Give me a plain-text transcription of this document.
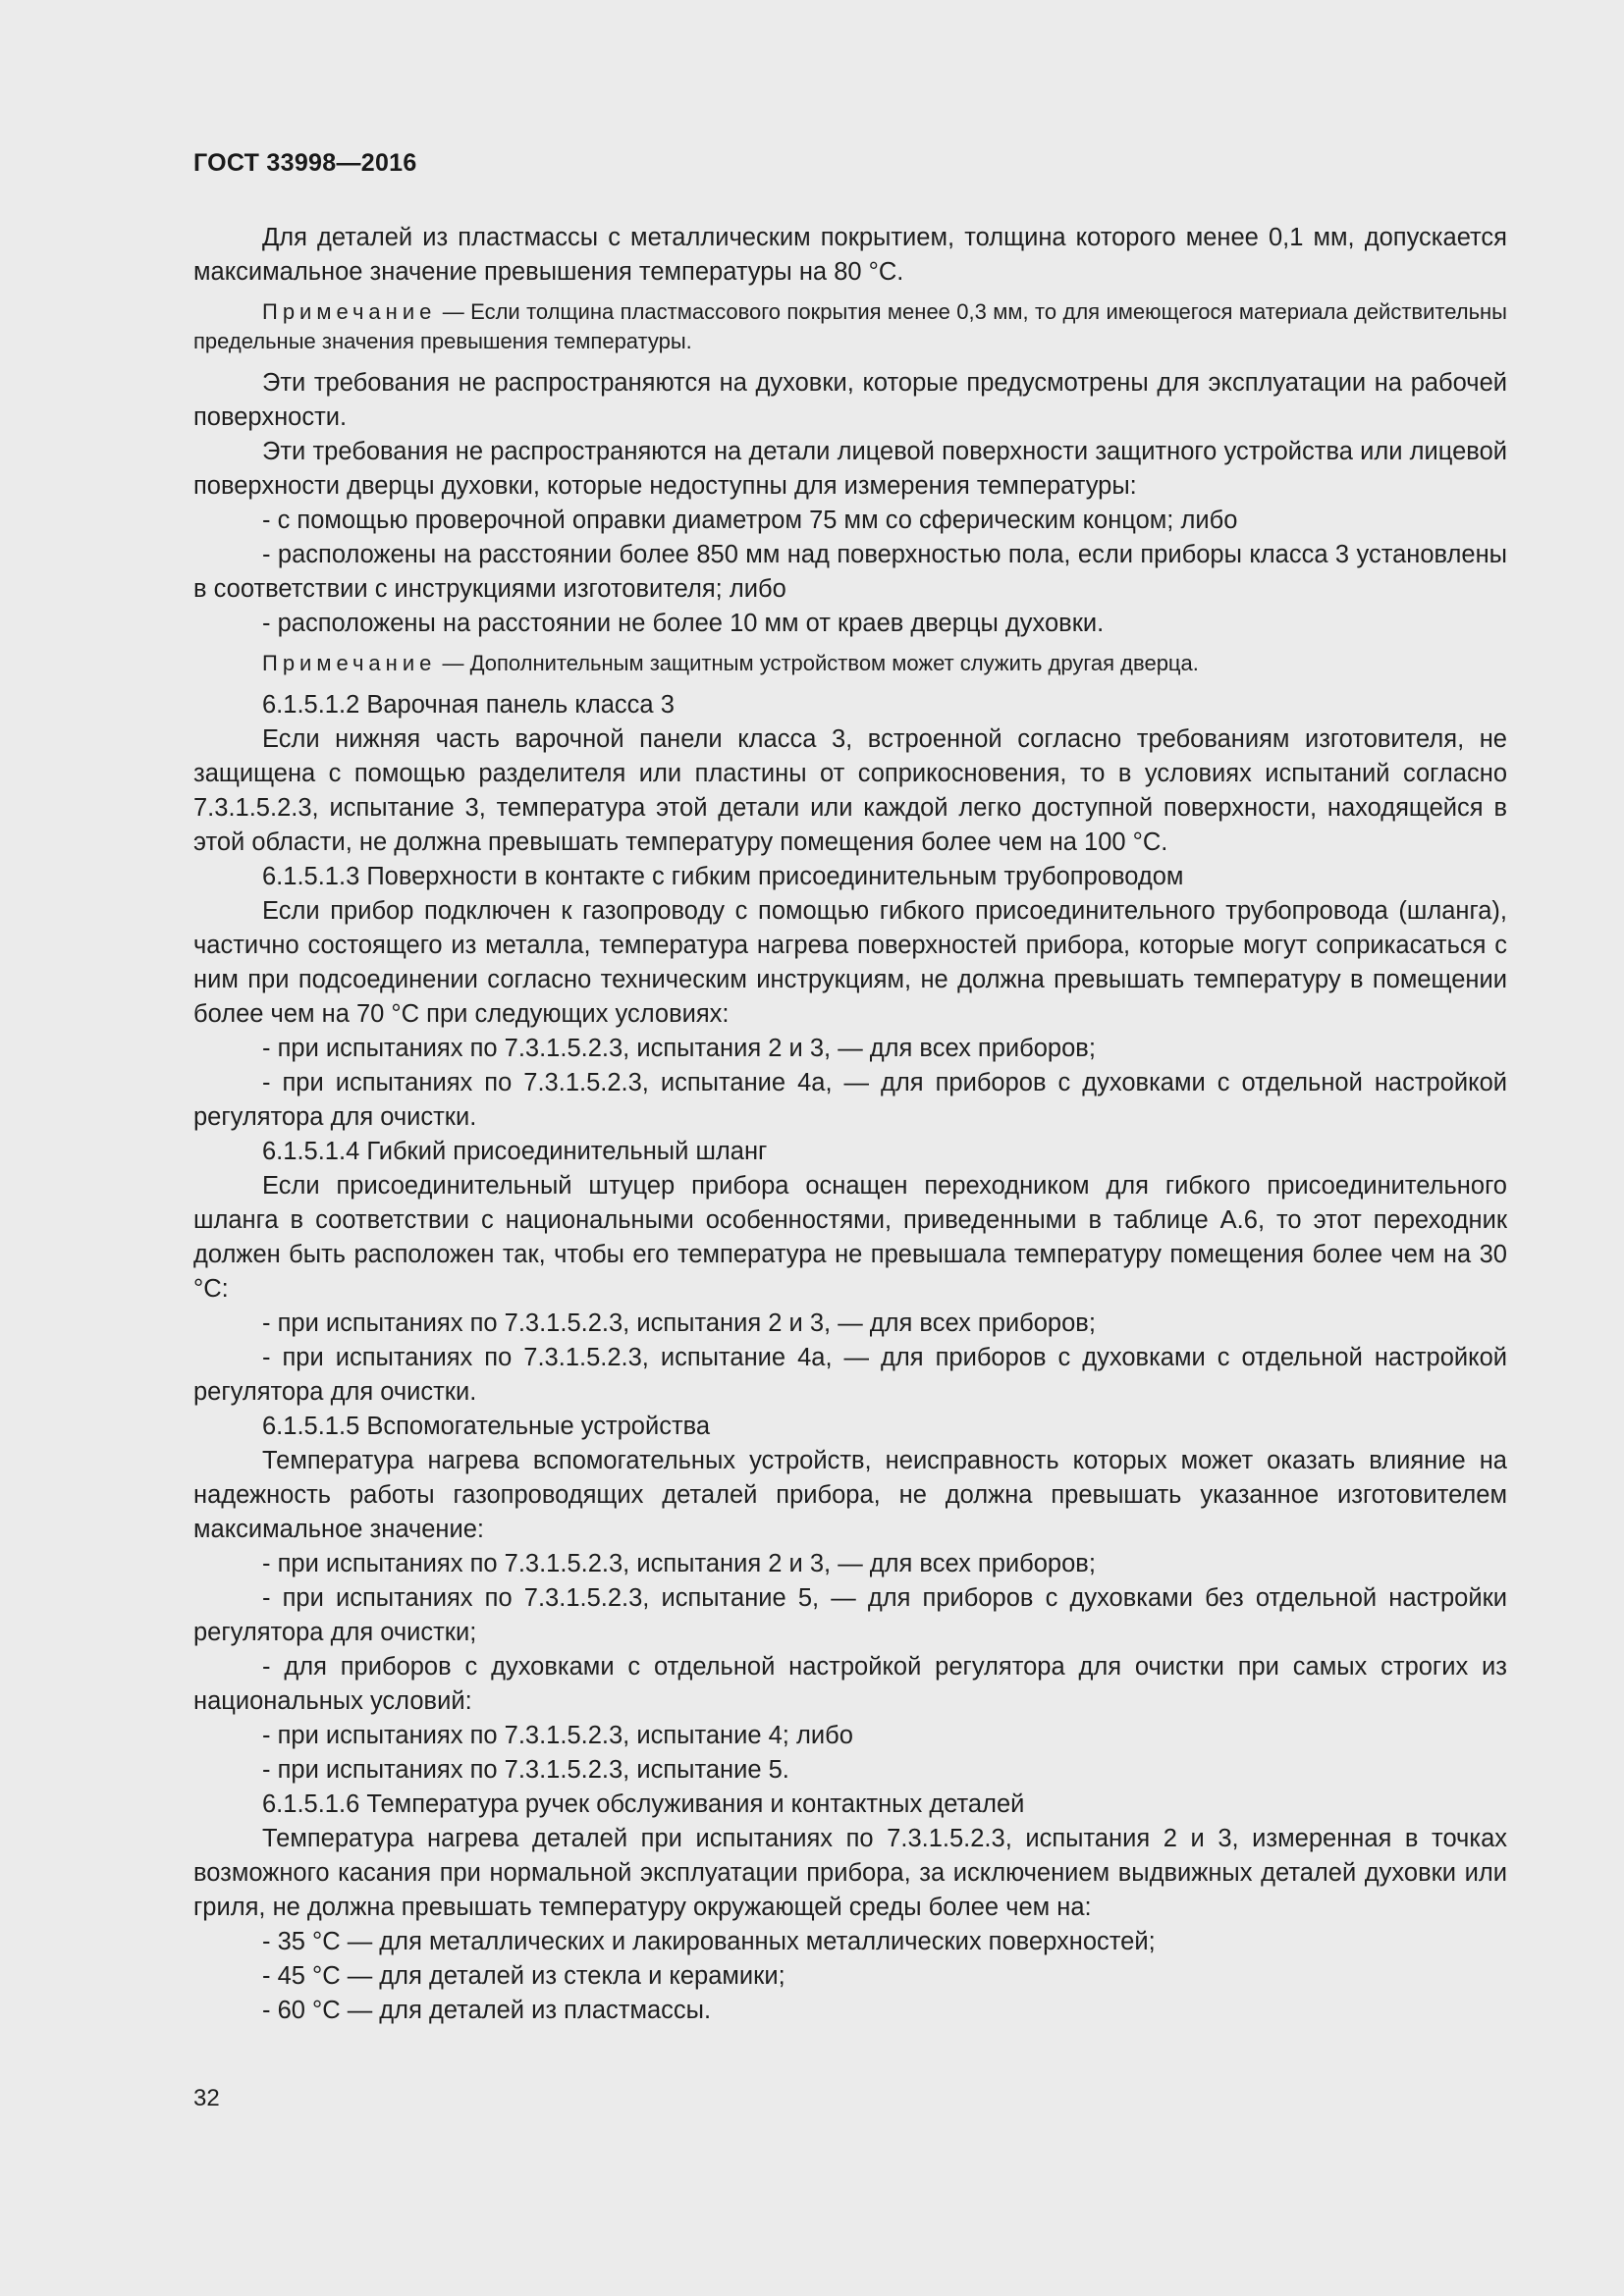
ГОСТ 33998—2016

Для деталей из пластмассы с металлическим покрытием, толщина которого менее 0,1 мм, допускается максимальное значение превышения температуры на 80 °С.

Примечание — Если толщина пластмассового покрытия менее 0,3 мм, то для имеющегося материала действительны предельные значения превышения температуры.

Эти требования не распространяются на духовки, которые предусмотрены для эксплуатации на рабочей поверхности.

Эти требования не распространяются на детали лицевой поверхности защитного устройства или лицевой поверхности дверцы духовки, которые недоступны для измерения температуры:

- с помощью проверочной оправки диаметром 75 мм со сферическим концом; либо

- расположены на расстоянии более 850 мм над поверхностью пола, если приборы класса 3 установлены в соответствии с инструкциями изготовителя; либо

- расположены на расстоянии не более 10 мм от краев дверцы духовки.

Примечание — Дополнительным защитным устройством может служить другая дверца.

6.1.5.1.2 Варочная панель класса 3

Если нижняя часть варочной панели класса 3, встроенной согласно требованиям изготовителя, не защищена с помощью разделителя или пластины от соприкосновения, то в условиях испытаний согласно 7.3.1.5.2.3, испытание 3, температура этой детали или каждой легко доступной поверхности, находящейся в этой области, не должна превышать температуру помещения более чем на 100 °С.

6.1.5.1.3 Поверхности в контакте с гибким присоединительным трубопроводом

Если прибор подключен к газопроводу с помощью гибкого присоединительного трубопровода (шланга), частично состоящего из металла, температура нагрева поверхностей прибора, которые могут соприкасаться с ним при подсоединении согласно техническим инструкциям, не должна превышать температуру в помещении более чем на 70 °С при следующих условиях:

- при испытаниях по 7.3.1.5.2.3, испытания 2 и 3, — для всех приборов;

- при испытаниях по 7.3.1.5.2.3, испытание 4а, — для приборов с духовками с отдельной настройкой регулятора для очистки.

6.1.5.1.4 Гибкий присоединительный шланг

Если присоединительный штуцер прибора оснащен переходником для гибкого присоединительного шланга в соответствии с национальными особенностями, приведенными в таблице А.6, то этот переходник должен быть расположен так, чтобы его температура не превышала температуру помещения более чем на 30 °С:

- при испытаниях по 7.3.1.5.2.3, испытания 2 и 3, — для всех приборов;

- при испытаниях по 7.3.1.5.2.3, испытание 4а, — для приборов с духовками с отдельной настройкой регулятора для очистки.

6.1.5.1.5 Вспомогательные устройства

Температура нагрева вспомогательных устройств, неисправность которых может оказать влияние на надежность работы газопроводящих деталей прибора, не должна превышать указанное изготовителем максимальное значение:

- при испытаниях по 7.3.1.5.2.3, испытания 2 и 3, — для всех приборов;

- при испытаниях по 7.3.1.5.2.3, испытание 5, — для приборов с духовками без отдельной настройки регулятора для очистки;

- для приборов с духовками с отдельной настройкой регулятора для очистки при самых строгих из национальных условий:

- при испытаниях по 7.3.1.5.2.3, испытание 4; либо

- при испытаниях по 7.3.1.5.2.3, испытание 5.

6.1.5.1.6 Температура ручек обслуживания и контактных деталей

Температура нагрева деталей при испытаниях по 7.3.1.5.2.3, испытания 2 и 3, измеренная в точках возможного касания при нормальной эксплуатации прибора, за исключением выдвижных деталей духовки или гриля, не должна превышать температуру окружающей среды более чем на:

- 35 °С — для металлических и лакированных металлических поверхностей;

- 45 °С — для деталей из стекла и керамики;

- 60 °С — для деталей из пластмассы.

32
